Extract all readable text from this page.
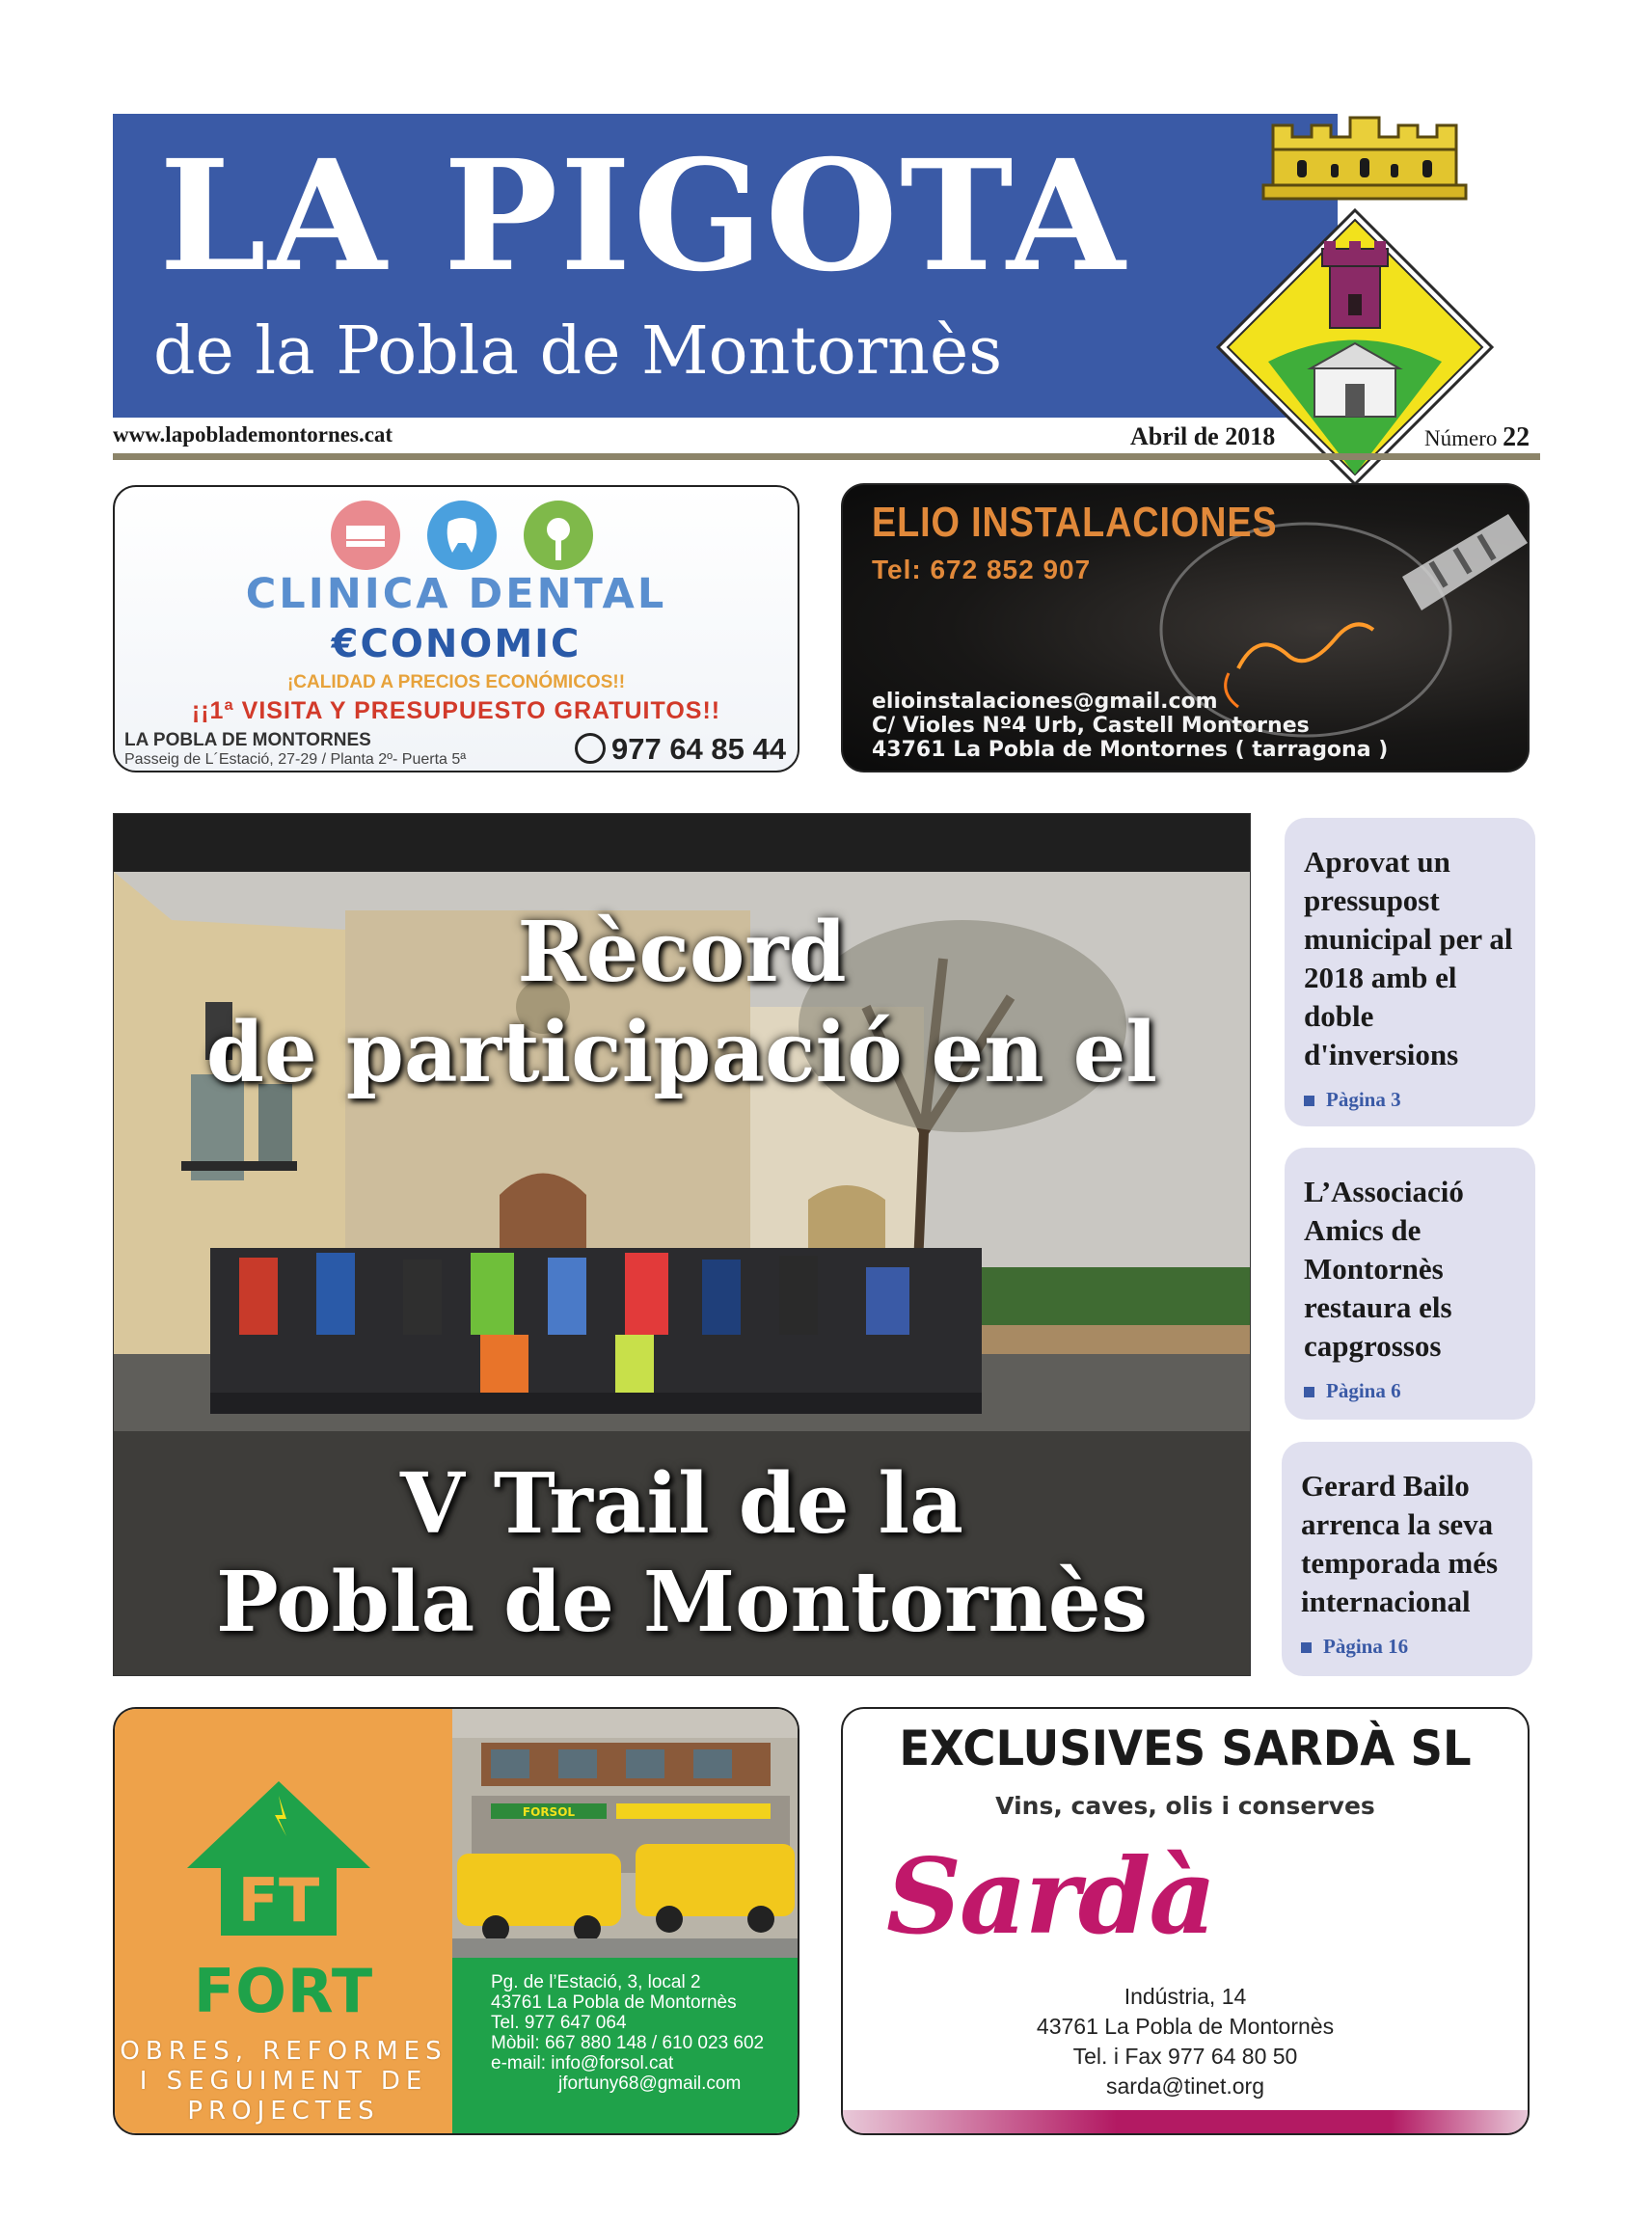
LA PIGOTA
de la Pobla de Montornès
www.lapoblademontornes.cat	Abril de 2018	Número 22
CLINICA DENTAL
€CONOMIC
¡CALIDAD A PRECIOS ECONÓMICOS!!
¡¡1ª VISITA Y PRESUPUESTO GRATUITOS!!
LA POBLA DE MONTORNES
Passeig de L´Estació, 27-29 / Planta 2º- Puerta 5ª	977 64 85 44
ELIO INSTALACIONES
Tel: 672 852 907
elioinstalaciones@gmail.com
C/ Violes Nº4 Urb, Castell Montornes
43761 La Pobla de Montornes ( tarragona )
Rècord
de participació en el
V Trail de la
Pobla de Montornès
Aprovat un pressupost municipal per al 2018 amb el doble d'inversions
Pàgina 3
L’Associació Amics de Montornès restaura els capgrossos
Pàgina 6
Gerard Bailo arrenca la seva temporada més internacional
Pàgina 16
FT
FORT
OBRES, REFORMES
I SEGUIMENT DE
PROJECTES
FORSOL
Pg. de l’Estació, 3, local 2
43761 La Pobla de Montornès
Tel. 977 647 064
Mòbil: 667 880 148 / 610 023 602
e-mail: info@forsol.cat
jfortuny68@gmail.com
EXCLUSIVES SARDÀ SL
Vins, caves, olis i conserves
Sardà
Indústria, 14
43761 La Pobla de Montornès
Tel. i Fax 977 64 80 50
sarda@tinet.org
